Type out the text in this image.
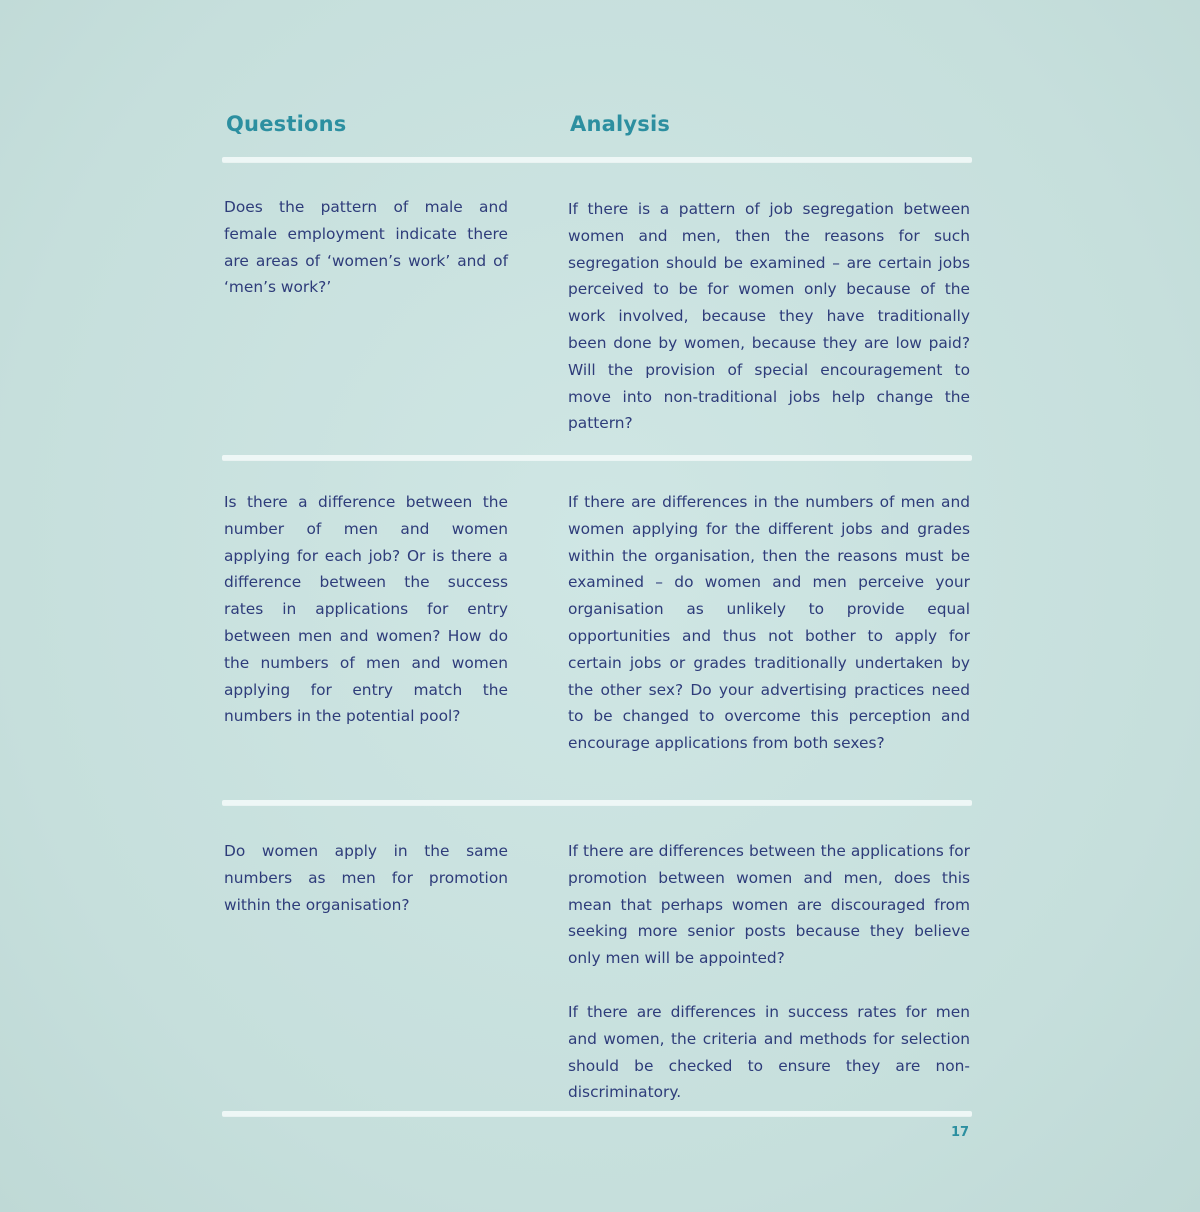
Questions	Analysis

Does the pattern of male and female employment indicate there are areas of ‘women’s work’ and of ‘men’s work?’

If there is a pattern of job segregation between women and men, then the reasons for such segregation should be examined – are certain jobs perceived to be for women only because of the work involved, because they have traditionally been done by women, because they are low paid? Will the provision of special encouragement to move into non-traditional jobs help change the pattern?

Is there a difference between the number of men and women applying for each job? Or is there a difference between the success rates in applications for entry between men and women? How do the numbers of men and women applying for entry match the numbers in the potential pool?

If there are differences in the numbers of men and women applying for the different jobs and grades within the organisation, then the reasons must be examined – do women and men perceive your organisation as unlikely to provide equal opportunities and thus not bother to apply for certain jobs or grades traditionally undertaken by the other sex? Do your advertising practices need to be changed to overcome this perception and encourage applications from both sexes?

Do women apply in the same numbers as men for promotion within the organisation?

If there are differences between the applications for promotion between women and men, does this mean that perhaps women are discouraged from seeking more senior posts because they believe only men will be appointed?

If there are differences in success rates for men and women, the criteria and methods for selection should be checked to ensure they are non-discriminatory.

17
